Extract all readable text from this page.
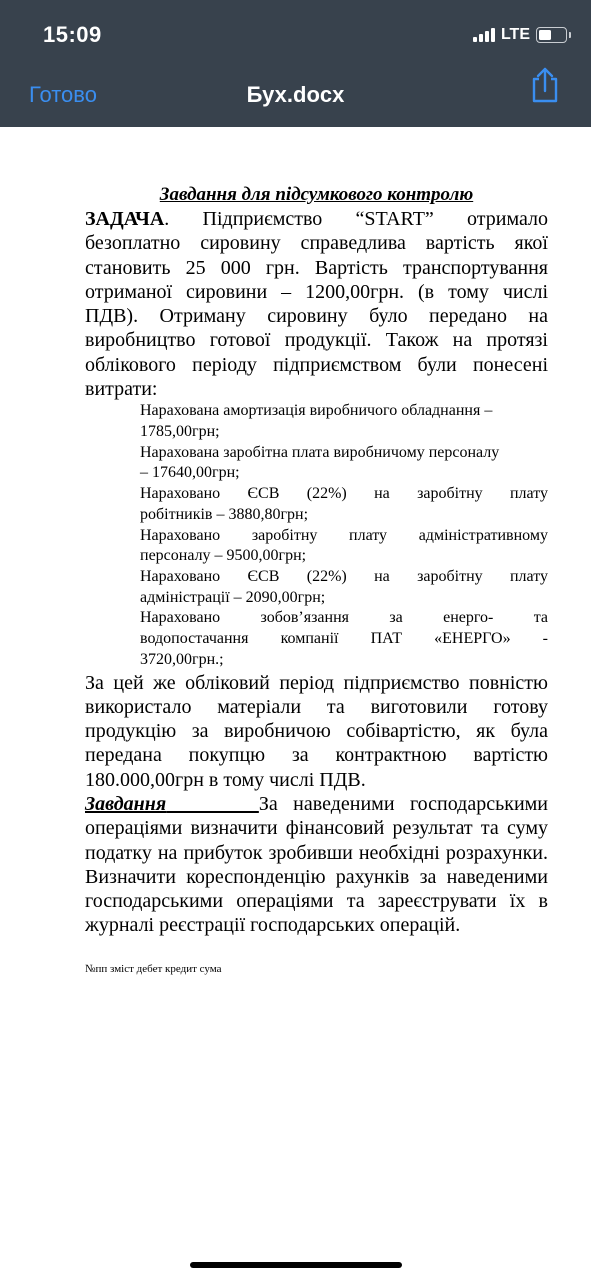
15:09	LTE
Готово	Бух.docx
Завдання для підсумкового контролю

ЗАДАЧА. Підприємство “START” отримало безоплатно сировину справедлива вартість якої становить 25 000 грн. Вартість транспортування отриманої сировини – 1200,00грн. (в тому числі ПДВ). Отриману сировину було передано на виробництво готової продукції. Також на протязі облікового періоду підприємством були понесені витрати:

Нарахована амортизація виробничого обладнання –
1785,00грн;
Нарахована заробітна плата виробничому персоналу
– 17640,00грн;
Нараховано ЄСВ (22%) на заробітну плату
робітників – 3880,80грн;
Нараховано заробітну плату адміністративному
персоналу – 9500,00грн;
Нараховано ЄСВ (22%) на заробітну плату
адміністрації – 2090,00грн;
Нараховано зобов’язання за енерго- та
водопостачання компанії ПАТ «ЕНЕРГО» -
3720,00грн.;

За цей же обліковий період підприємство повністю використало матеріали та виготовили готову продукцію за виробничою собівартістю, як була передана покупцю за контрактною вартістю 180.000,00грн в тому числі ПДВ.

Завдання	За наведеними господарськими операціями визначити фінансовий результат та суму податку на прибуток зробивши необхідні розрахунки. Визначити кореспонденцію рахунків за наведеними господарськими операціями та зареєструвати їх в журналі реєстрації господарських операцій.

№пп зміст дебет кредит сума
